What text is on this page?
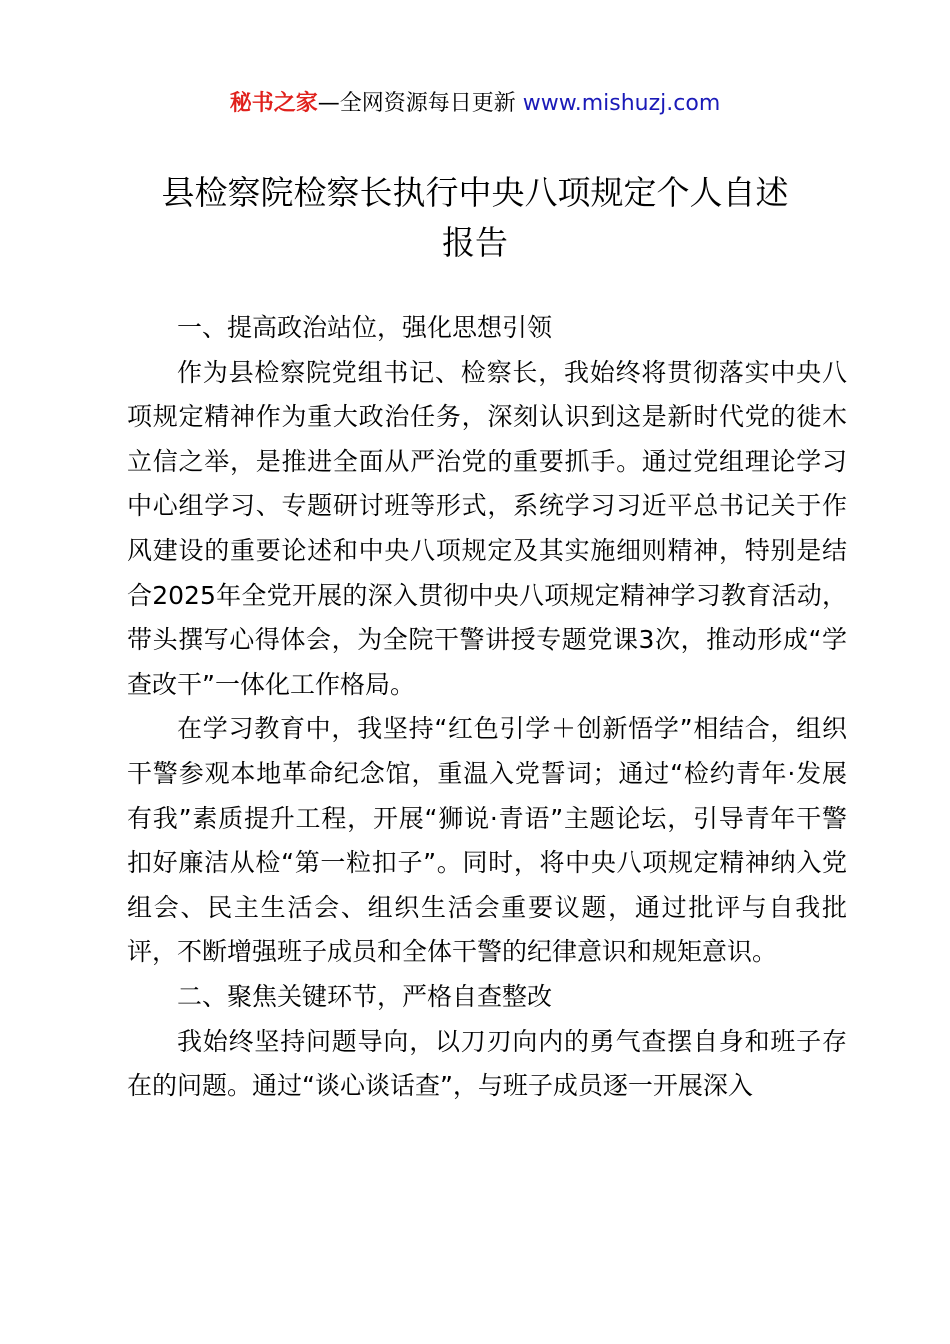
秘书之家—全网资源每日更新 www.mishuzj.com
县检察院检察长执行中央八项规定个人自述
报告

一、提高政治站位，强化思想引领

作为县检察院党组书记、检察长，我始终将贯彻落实中央八项规定精神作为重大政治任务，深刻认识到这是新时代党的徙木立信之举，是推进全面从严治党的重要抓手。通过党组理论学习中心组学习、专题研讨班等形式，系统学习习近平总书记关于作风建设的重要论述和中央八项规定及其实施细则精神，特别是结合2025年全党开展的深入贯彻中央八项规定精神学习教育活动，带头撰写心得体会，为全院干警讲授专题党课3次，推动形成“学查改干”一体化工作格局。

在学习教育中，我坚持“红色引学＋创新悟学”相结合，组织干警参观本地革命纪念馆，重温入党誓词；通过“检约青年·发展有我”素质提升工程，开展“狮说·青语”主题论坛，引导青年干警扣好廉洁从检“第一粒扣子”。同时，将中央八项规定精神纳入党组会、民主生活会、组织生活会重要议题，通过批评与自我批评，不断增强班子成员和全体干警的纪律意识和规矩意识。

二、聚焦关键环节，严格自查整改

我始终坚持问题导向，以刀刃向内的勇气查摆自身和班子存在的问题。通过“谈心谈话查”，与班子成员逐一开展深入
